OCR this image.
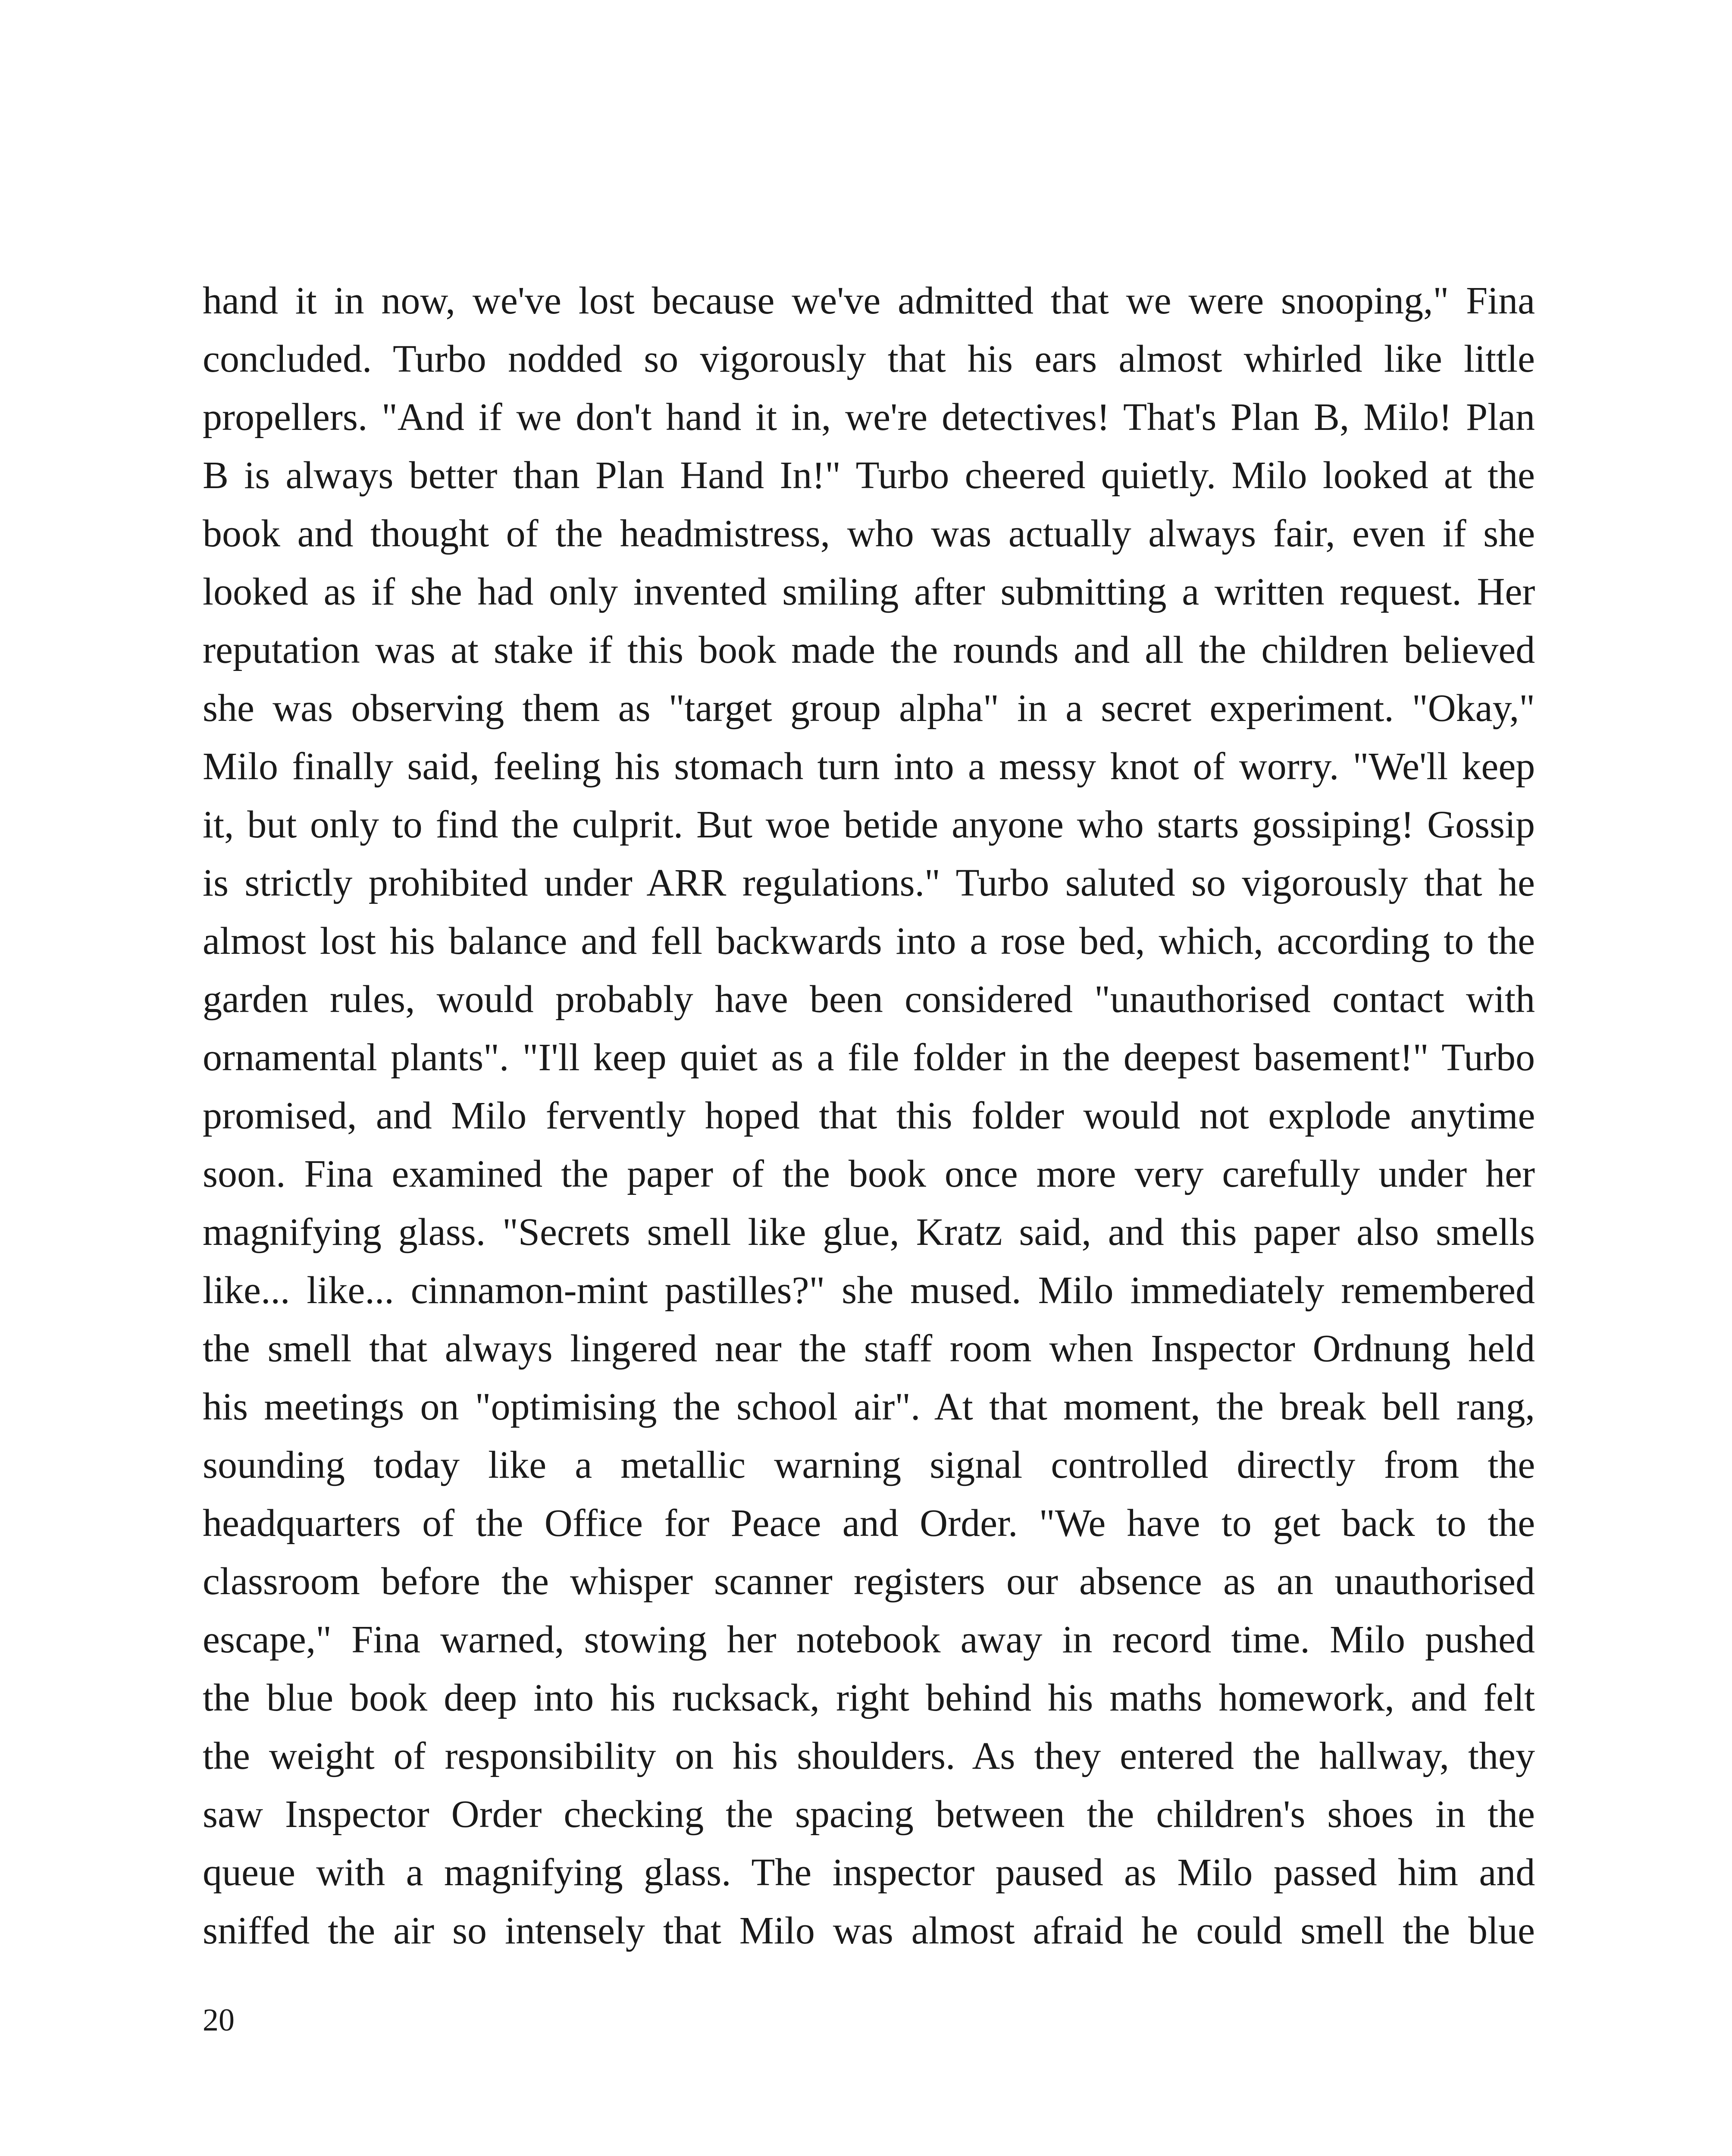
hand it in now, we've lost because we've admitted that we were snooping," Fina
concluded. Turbo nodded so vigorously that his ears almost whirled like little
propellers. "And if we don't hand it in, we're detectives! That's Plan B, Milo! Plan
B is always better than Plan Hand In!" Turbo cheered quietly. Milo looked at the
book and thought of the headmistress, who was actually always fair, even if she
looked as if she had only invented smiling after submitting a written request. Her
reputation was at stake if this book made the rounds and all the children believed
she was observing them as "target group alpha" in a secret experiment. "Okay,"
Milo finally said, feeling his stomach turn into a messy knot of worry. "We'll keep
it, but only to find the culprit. But woe betide anyone who starts gossiping! Gossip
is strictly prohibited under ARR regulations." Turbo saluted so vigorously that he
almost lost his balance and fell backwards into a rose bed, which, according to the
garden rules, would probably have been considered "unauthorised contact with
ornamental plants". "I'll keep quiet as a file folder in the deepest basement!" Turbo
promised, and Milo fervently hoped that this folder would not explode anytime
soon. Fina examined the paper of the book once more very carefully under her
magnifying glass. "Secrets smell like glue, Kratz said, and this paper also smells
like... like... cinnamon-mint pastilles?" she mused. Milo immediately remembered
the smell that always lingered near the staff room when Inspector Ordnung held
his meetings on "optimising the school air". At that moment, the break bell rang,
sounding today like a metallic warning signal controlled directly from the
headquarters of the Office for Peace and Order. "We have to get back to the
classroom before the whisper scanner registers our absence as an unauthorised
escape," Fina warned, stowing her notebook away in record time. Milo pushed
the blue book deep into his rucksack, right behind his maths homework, and felt
the weight of responsibility on his shoulders. As they entered the hallway, they
saw Inspector Order checking the spacing between the children's shoes in the
queue with a magnifying glass. The inspector paused as Milo passed him and
sniffed the air so intensely that Milo was almost afraid he could smell the blue
20
